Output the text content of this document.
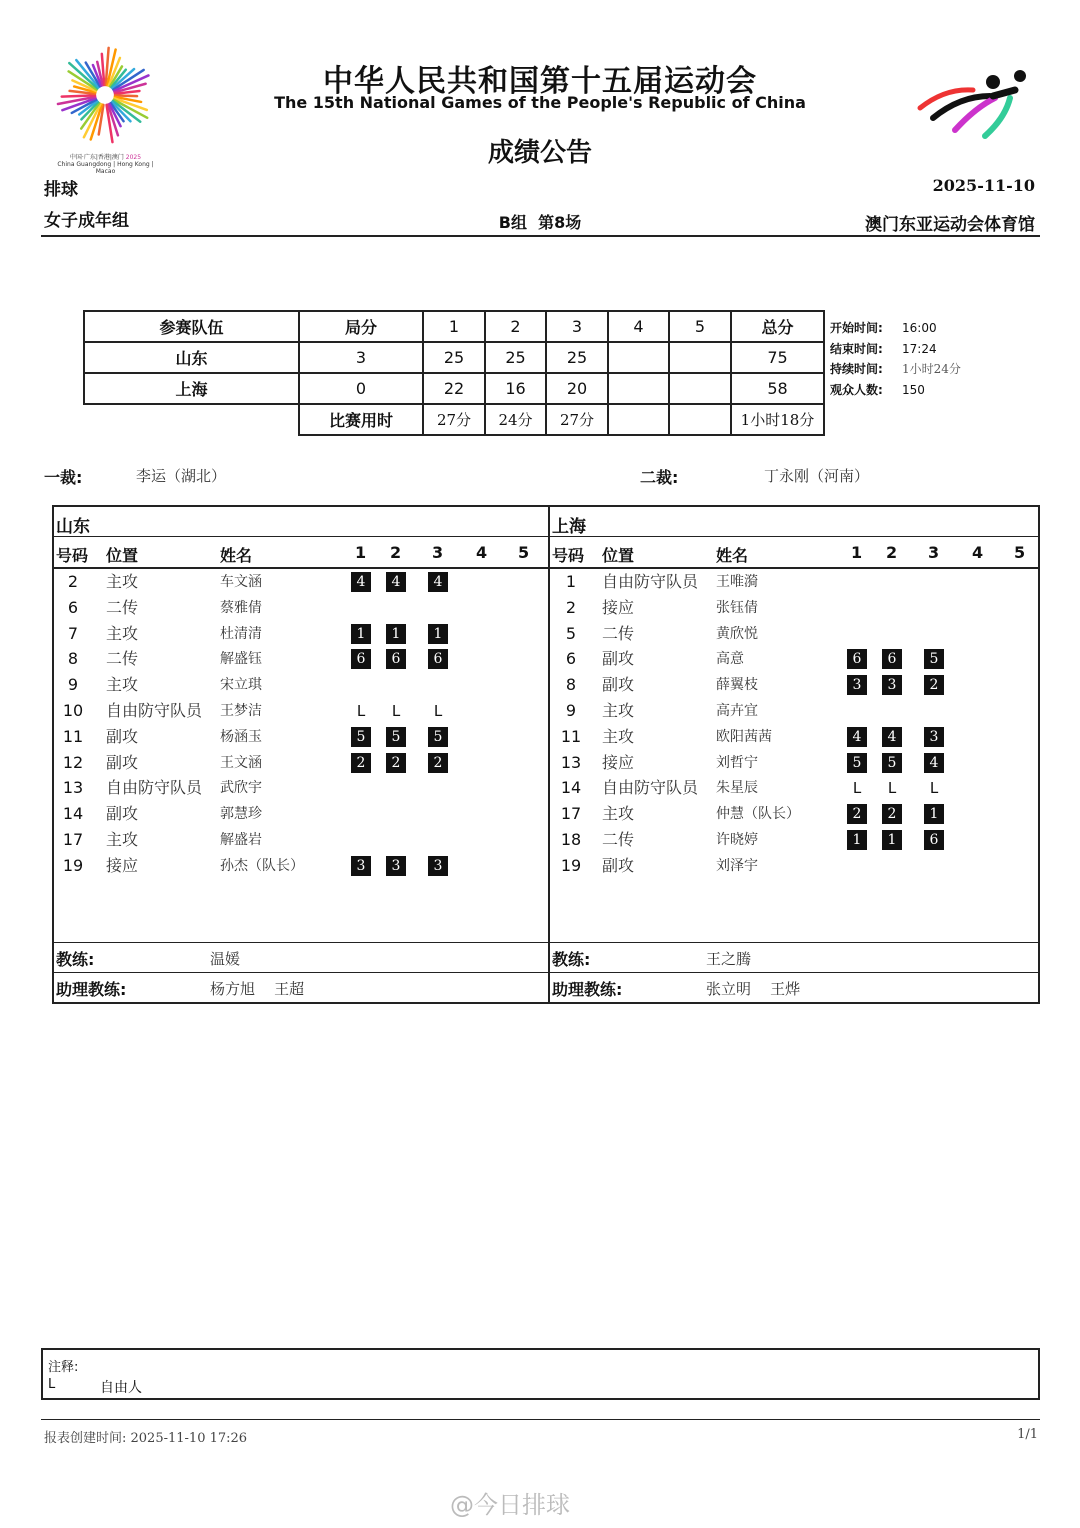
中国·广东|香港|澳门 2025
China Guangdong | Hong Kong | Macao
中华人民共和国第十五届运动会
The 15th National Games of the People's Republic of China
成绩公告
排球	2025-11-10
女子成年组	B组  第8场	澳门东亚运动会体育馆
参赛队伍	局分	1	2	3	4	5	总分
山东	3	25	25	25			75
上海	0	22	16	20			58
	比赛用时	27分	24分	27分			1小时18分
开始时间: 16:00
结束时间: 17:24
持续时间: 1小时24分
观众人数: 150
一裁:	李运（湖北）	二裁:	丁永刚（河南）
山东
号码 位置	姓名	1 2 3 4 5
2	主攻	车文涵	4	4	4
6	二传	蔡雅倩
7	主攻	杜清清	1	1	1
8	二传	解盛钰	6	6	6
9	主攻	宋立琪
10	自由防守队员 王梦洁	L	L	L
11	副攻	杨涵玉	5	5	5
12	副攻	王文涵	2	2	2
13	自由防守队员 武欣宇
14	副攻	郭慧珍
17	主攻	解盛岩
19	接应	孙杰（队长）	3	3	3
教练:	温媛
助理教练:	杨方旭    王超
上海
号码 位置	姓名	1 2 3 4 5
1	自由防守队员 王唯漪
2	接应	张钰倩
5	二传	黄欣悦
6	副攻	高意	6	6	5
8	副攻	薛翼枝	3	3	2
9	主攻	高卉宜
11	主攻	欧阳茜茜	4	4	3
13	接应	刘哲宁	5	5	4
14	自由防守队员 朱星辰	L	L	L
17	主攻	仲慧（队长）	2	2	1
18	二传	许晓婷	1	1	6
19	副攻	刘泽宇
教练:	王之腾
助理教练:	张立明    王烨
注释:
L	自由人
报表创建时间: 2025-11-10 17:26	1/1
@今日排球
